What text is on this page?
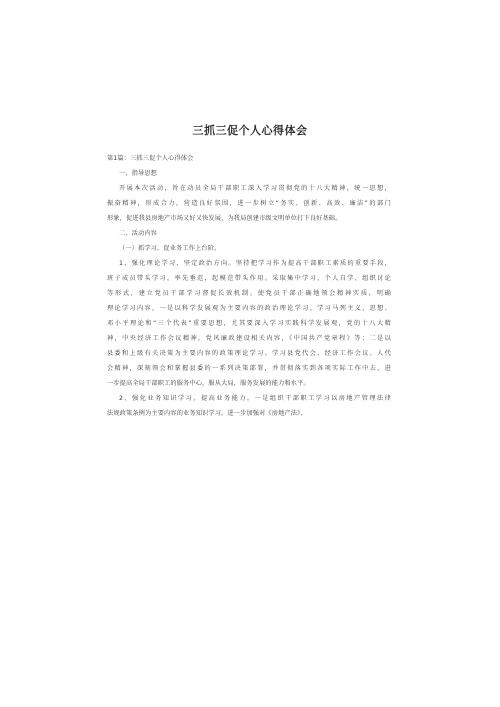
三抓三促个人心得体会
第1篇：三抓三促个人心得体会
一、指导思想
开展本次活动，旨在动员全局干部职工深入学习贯彻党的十八大精神，统一思想，
振奋精神，形成合力，营造良好氛围，进一步树立“务实、创新、高效、廉洁”的部门
形象，促进我县房地产市场又好又快发展，为我局创建市级文明单位打下良好基础。
二、活动内容
（一）抓学习，促业务工作上台阶。
1、强化理论学习，坚定政治方向。坚持把学习作为提高干部职工素质的重要手段，
班子成员带头学习，率先垂范，起模范带头作用。采取集中学习、个人自学、组织讨论
等形式，建立党员干部学习督促长效机制。使党员干部正确地领会精神实质，明确
理论学习内容，一是以科学发展观为主要内容的政治理论学习。学习马列主义、思想、
邓小平理论和“三个代表”重要思想，尤其要深入学习实践科学发展观，党的十八大精
神，中央经济工作会议精神，党风廉政建设相关内容，《中国共产党章程》等；二是以
县委和上级有关决策为主要内容的政策理论学习。学习县党代会、经济工作会议、人代
会精神，深刻领会和掌握县委的一系列决策部署，并贯彻落实到各项实际工作中去，进
一步提高全局干部职工的服务中心，服从大局，服务发展的能力和水平。
2、强化业务知识学习，提高业务能力。一是组织干部职工学习以房地产管理法律
法规政策条例为主要内容的业务知识学习。进一步加强对《房地产法》、
